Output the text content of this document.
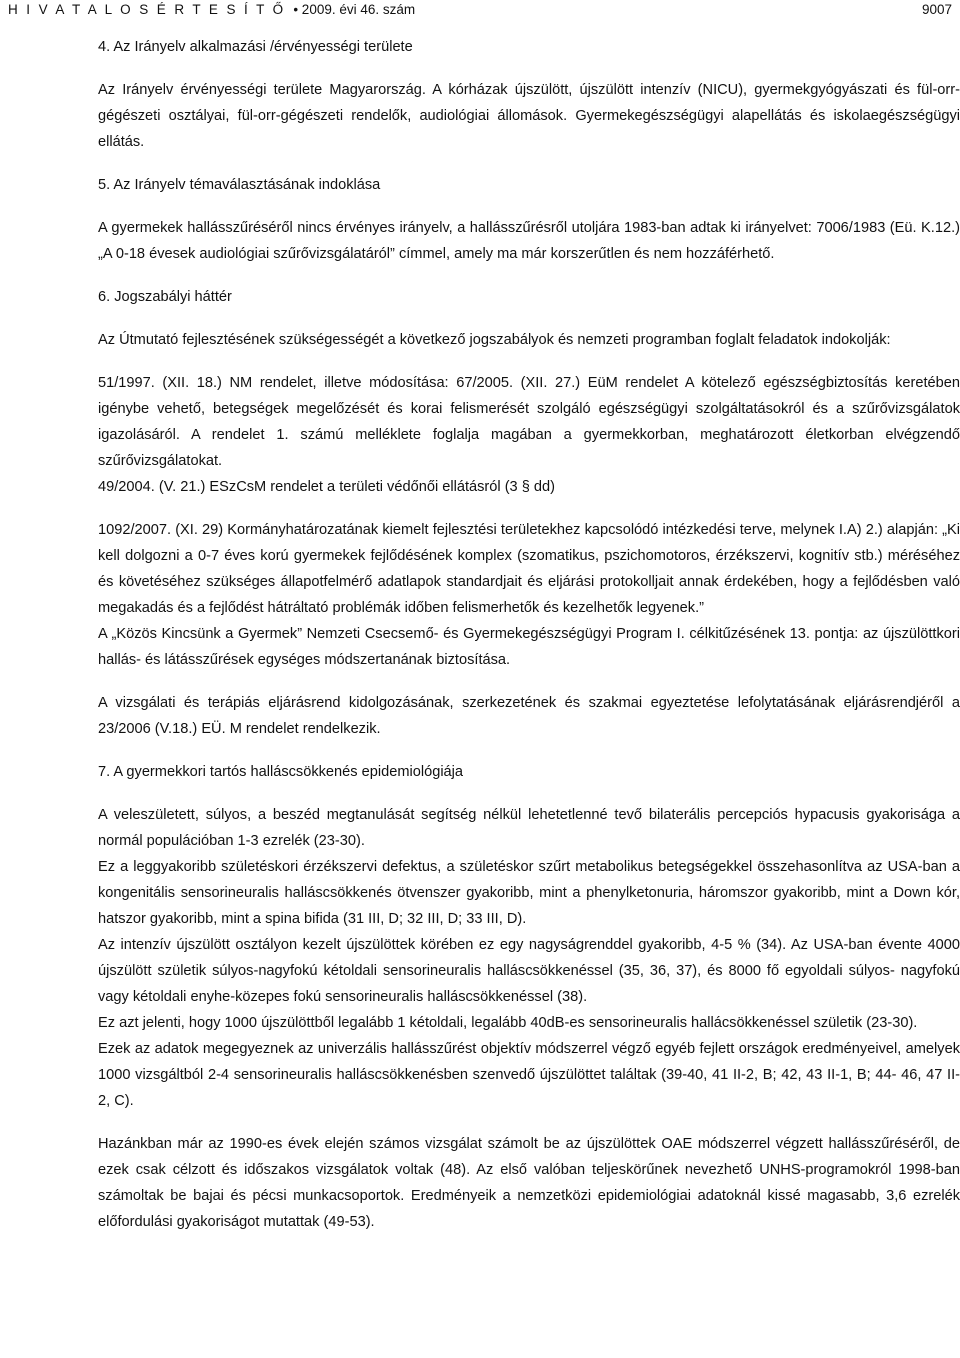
H I V A T A L O S É R T E S Í T Ő • 2009. évi 46. szám	9007
4. Az Irányelv alkalmazási /érvényességi területe

Az Irányelv érvényességi területe Magyarország. A kórházak újszülött, újszülött intenzív (NICU), gyermekgyógyászati és fül-orr-gégészeti osztályai, fül-orr-gégészeti rendelők, audiológiai állomások. Gyermekegészségügyi alapellátás és iskolaegészségügyi ellátás.

5. Az Irányelv témaválasztásának indoklása

A gyermekek hallásszűréséről nincs érvényes irányelv, a hallásszűrésről utoljára 1983-ban adtak ki irányelvet: 7006/1983 (Eü. K.12.) „A 0-18 évesek audiológiai szűrővizsgálatáról” címmel, amely ma már korszerűtlen és nem hozzáférhető.

6. Jogszabályi háttér

Az Útmutató fejlesztésének szükségességét a következő jogszabályok és nemzeti programban foglalt feladatok indokolják:

51/1997. (XII. 18.) NM rendelet, illetve módosítása: 67/2005. (XII. 27.) EüM rendelet A kötelező egészségbiztosítás keretében igénybe vehető, betegségek megelőzését és korai felismerését szolgáló egészségügyi szolgáltatásokról és a szűrővizsgálatok igazolásáról. A rendelet 1. számú melléklete foglalja magában a gyermekkorban, meghatározott életkorban elvégzendő szűrővizsgálatokat.

49/2004. (V. 21.) ESzCsM rendelet a területi védőnői ellátásról (3 § dd)

1092/2007. (XI. 29) Kormányhatározatának kiemelt fejlesztési területekhez kapcsolódó intézkedési terve, melynek I.A) 2.) alapján: „Ki kell dolgozni a 0-7 éves korú gyermekek fejlődésének komplex (szomatikus, pszichomotoros, érzékszervi, kognitív stb.) méréséhez és követéséhez szükséges állapotfelmérő adatlapok standardjait és eljárási protokolljait annak érdekében, hogy a fejlődésben való megakadás és a fejlődést hátráltató problémák időben felismerhetők és kezelhetők legyenek.”

A „Közös Kincsünk a Gyermek” Nemzeti Csecsemő- és Gyermekegészségügyi Program I. célkitűzésének 13. pontja: az újszülöttkori hallás- és látásszűrések egységes módszertanának biztosítása.

A vizsgálati és terápiás eljárásrend kidolgozásának, szerkezetének és szakmai egyeztetése lefolytatásának eljárásrendjéről a 23/2006 (V.18.) EÜ. M rendelet rendelkezik.

7. A gyermekkori tartós halláscsökkenés epidemiológiája

A veleszületett, súlyos, a beszéd megtanulását segítség nélkül lehetetlenné tevő bilaterális percepciós hypacusis gyakorisága a normál populációban 1-3 ezrelék (23-30).

Ez a leggyakoribb születéskori érzékszervi defektus, a születéskor szűrt metabolikus betegségekkel összehasonlítva az USA-ban a kongenitális sensorineuralis halláscsökkenés ötvenszer gyakoribb, mint a phenylketonuria, háromszor gyakoribb, mint a Down kór, hatszor gyakoribb, mint a spina bifida (31 III, D; 32 III, D; 33 III, D).

Az intenzív újszülött osztályon kezelt újszülöttek körében ez egy nagyságrenddel gyakoribb, 4-5 % (34). Az USA-ban évente 4000 újszülött születik súlyos-nagyfokú kétoldali sensorineuralis halláscsökkenéssel (35, 36, 37), és 8000 fő egyoldali súlyos- nagyfokú vagy kétoldali enyhe-közepes fokú sensorineuralis halláscsökkenéssel (38).

Ez azt jelenti, hogy 1000 újszülöttből legalább 1 kétoldali, legalább 40dB-es sensorineuralis hallácsökkenéssel születik (23-30).

Ezek az adatok megegyeznek az univerzális hallásszűrést objektív módszerrel végző egyéb fejlett országok eredményeivel, amelyek 1000 vizsgáltból 2-4 sensorineuralis halláscsökkenésben szenvedő újszülöttet találtak (39-40, 41 II-2, B; 42, 43 II-1, B; 44- 46, 47 II-2, C).

Hazánkban már az 1990-es évek elején számos vizsgálat számolt be az újszülöttek OAE módszerrel végzett hallásszűréséről, de ezek csak célzott és időszakos vizsgálatok voltak (48). Az első valóban teljeskörűnek nevezhető UNHS-programokról 1998-ban számoltak be bajai és pécsi munkacsoportok. Eredményeik a nemzetközi epidemiológiai adatoknál kissé magasabb, 3,6 ezrelék előfordulási gyakoriságot mutattak (49-53).
